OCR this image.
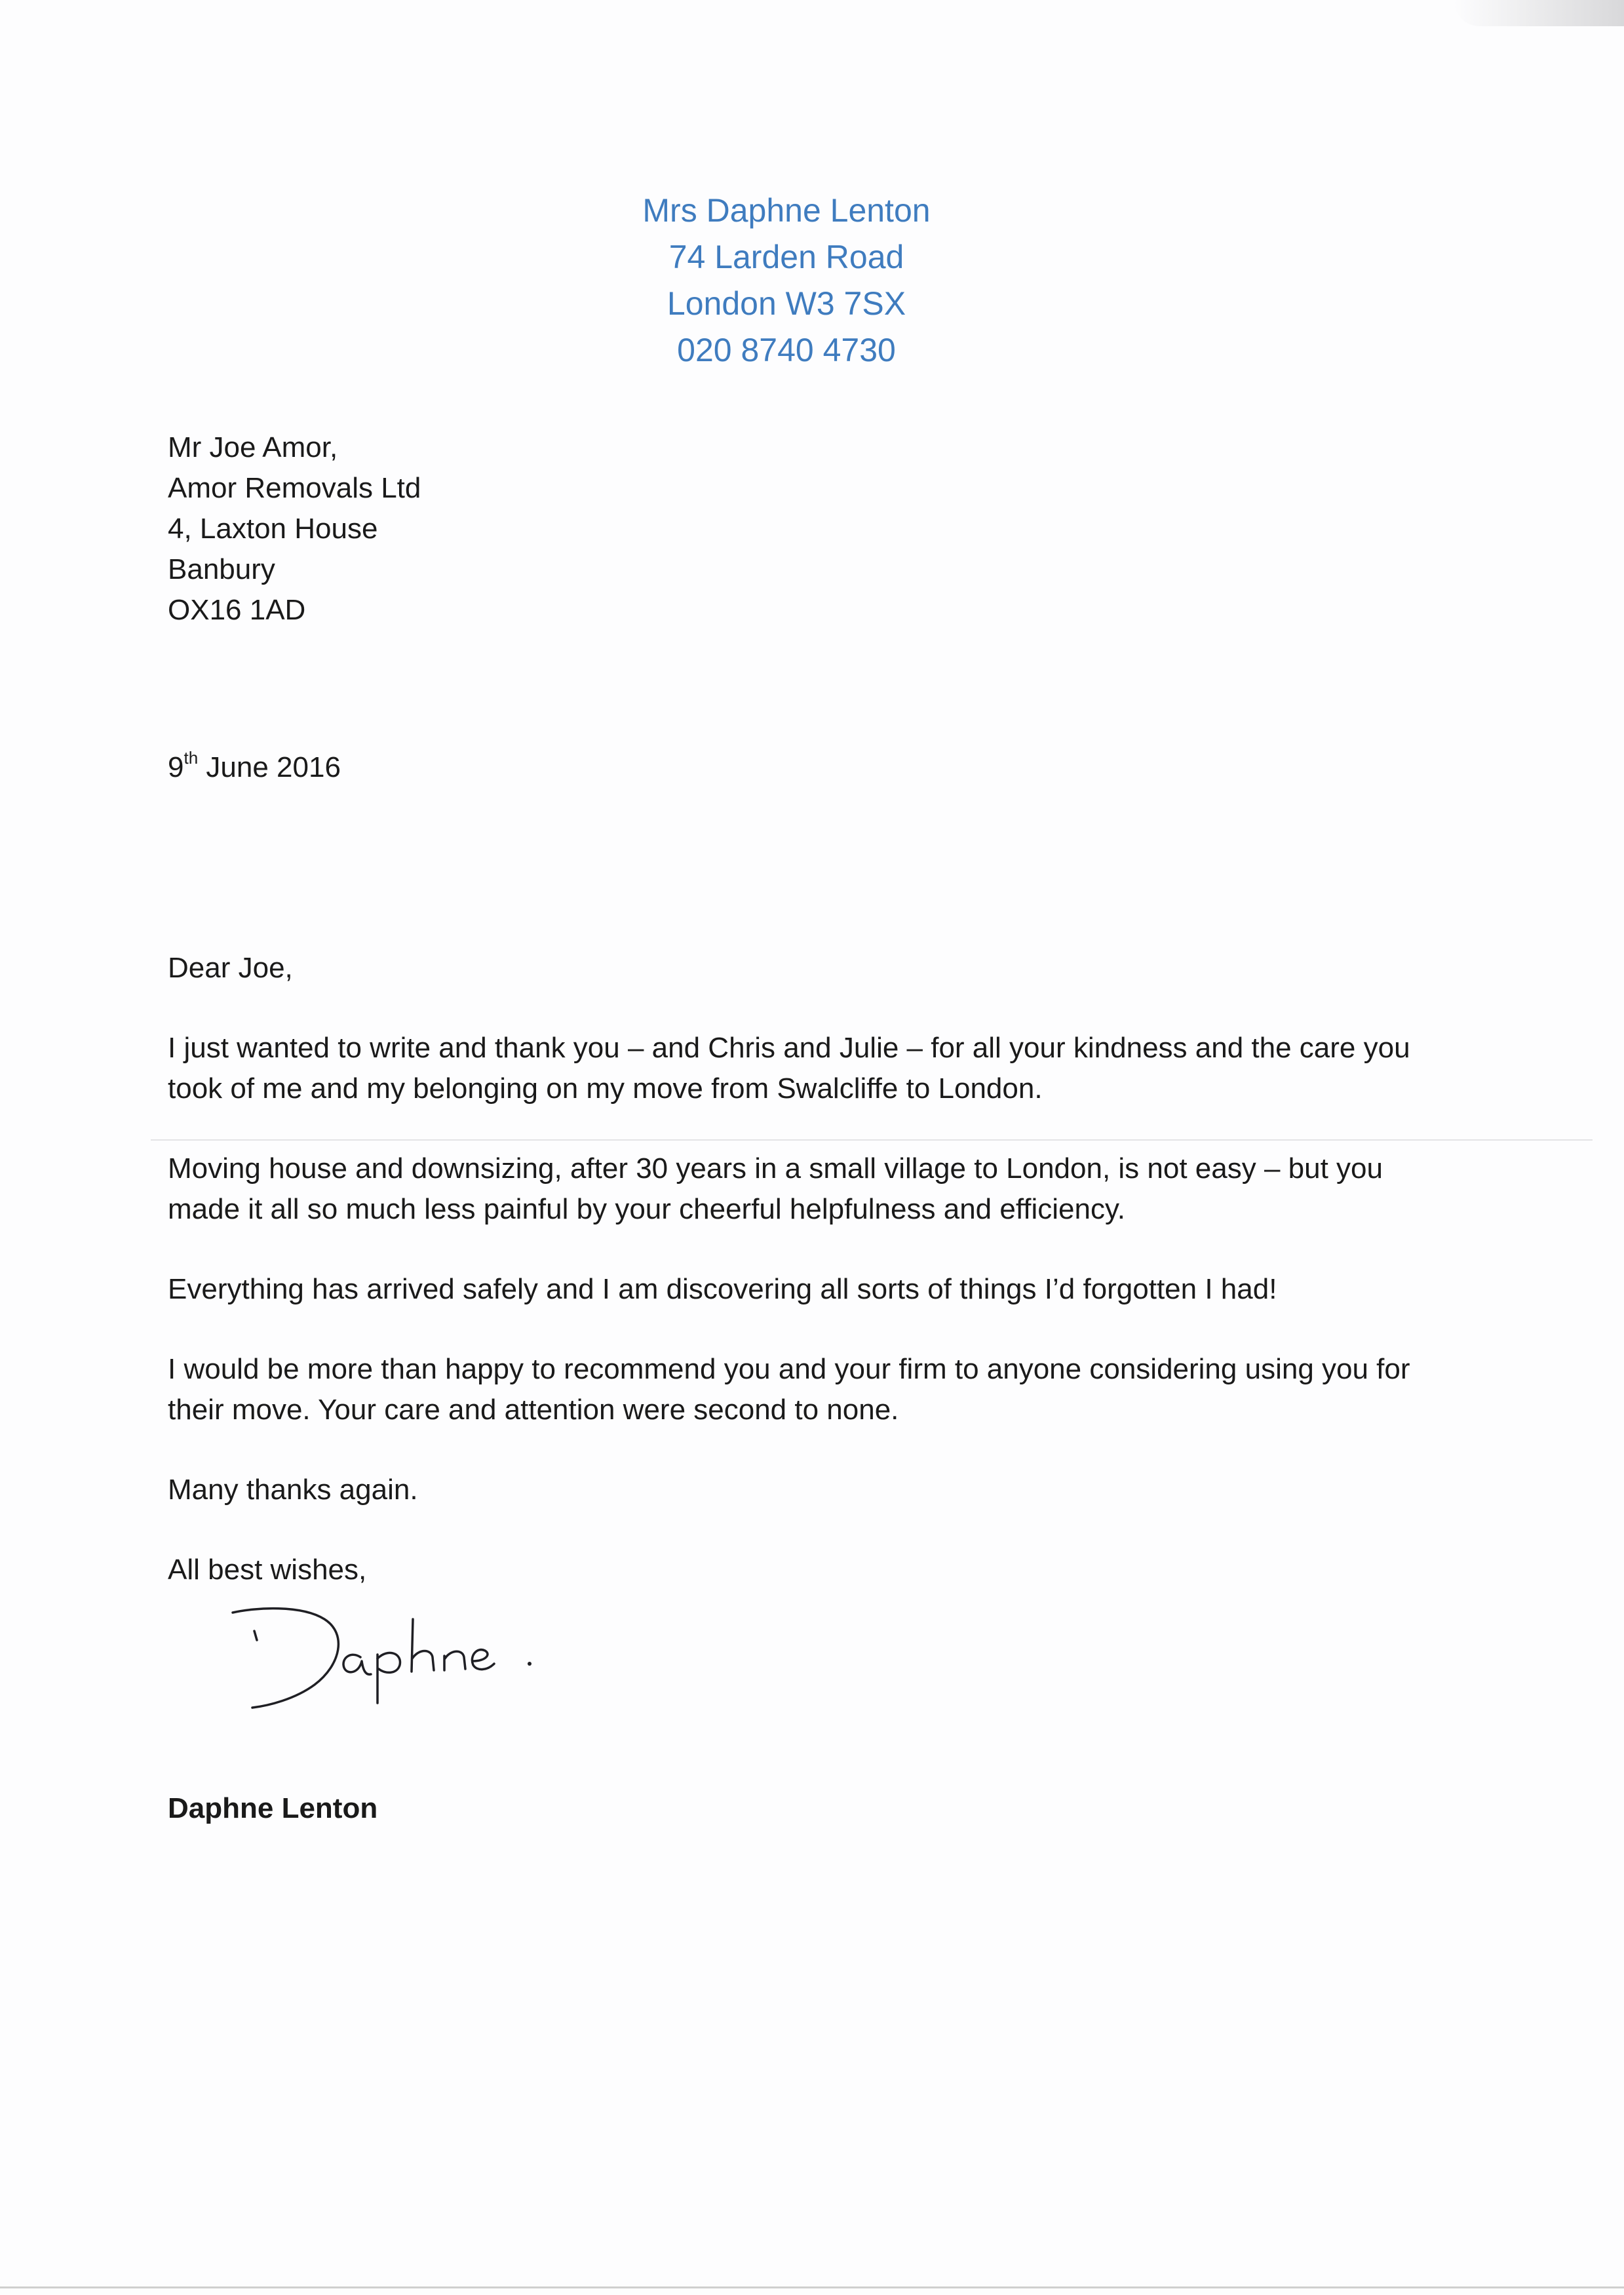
Mrs Daphne Lenton
74 Larden Road
London W3 7SX
020 8740 4730
Mr Joe Amor,
Amor Removals Ltd
4, Laxton House
Banbury
OX16 1AD
9th June 2016

Dear Joe,

I just wanted to write and thank you – and Chris and Julie – for all your kindness and the care you took of me and my belonging on my move from Swalcliffe to London.

Moving house and downsizing, after 30 years in a small village to London, is not easy – but you made it all so much less painful by your cheerful helpfulness and efficiency.

Everything has arrived safely and I am discovering all sorts of things I’d forgotten I had!

I would be more than happy to recommend you and your firm to anyone considering using you for their move. Your care and attention were second to none.

Many thanks again.

All best wishes,

Daphne Lenton
